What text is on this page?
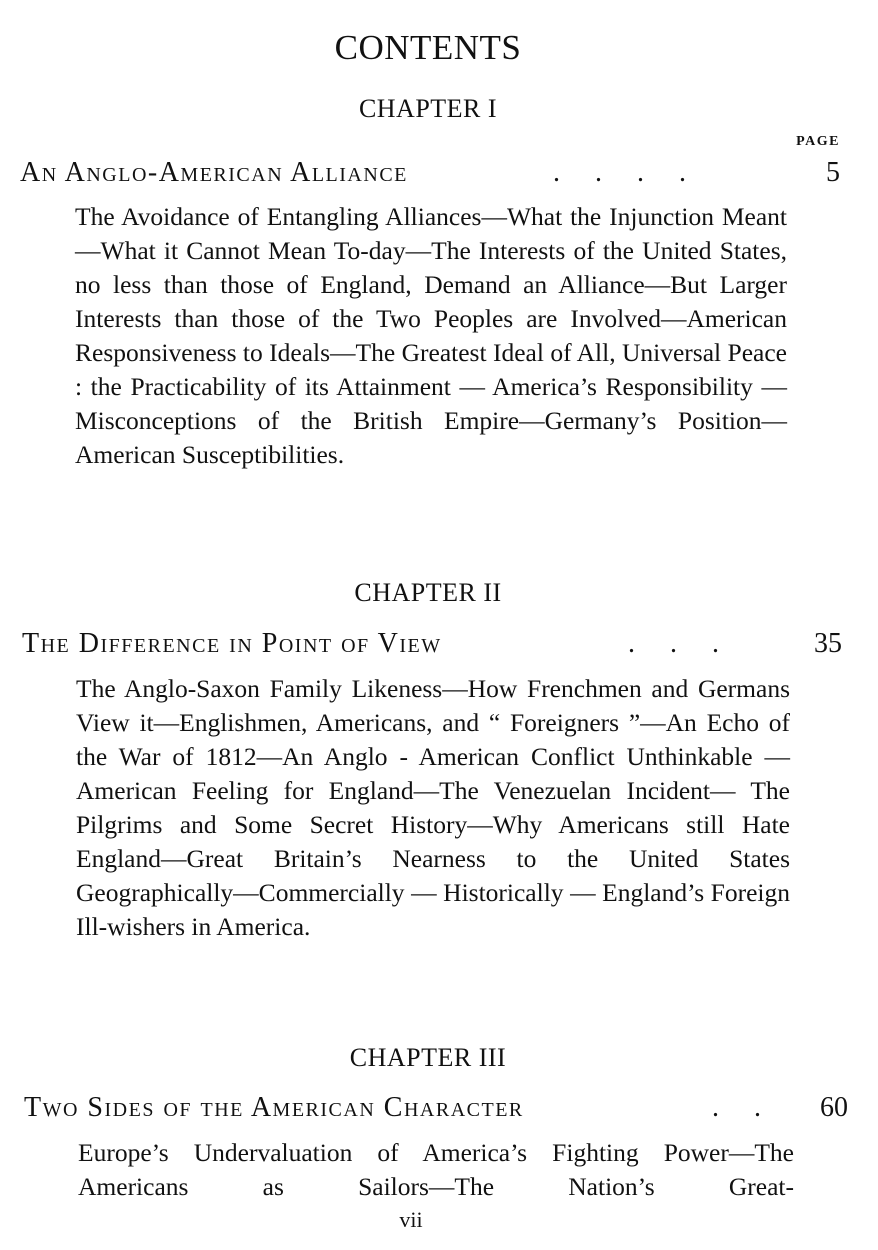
CONTENTS
CHAPTER I
PAGE
An Anglo-American Alliance	.     .     .     .	5
The Avoidance of Entangling Alliances—What the Injunction Meant—What it Cannot Mean To-day—The Interests of the United States, no less than those of England, Demand an Alliance—But Larger Interests than those of the Two Peoples are Involved—American Responsiveness to Ideals—The Greatest Ideal of All, Universal Peace : the Practicability of its Attainment — America’s Responsibility — Misconceptions of the British Empire—Germany’s Position—American Susceptibilities.
CHAPTER II
The Difference in Point of View	.     .     .	35
The Anglo-Saxon Family Likeness—How Frenchmen and Germans View it—Englishmen, Americans, and “ Foreigners ”—An Echo of the War of 1812—An Anglo - American Conflict Unthinkable — American Feeling for England—The Venezuelan Incident— The Pilgrims and Some Secret History—Why Americans still Hate England—Great Britain’s Nearness to the United States Geographically—Commercially — Historically — England’s Foreign Ill-wishers in America.
CHAPTER III
Two Sides of the American Character	.     . 60
Europe’s Undervaluation of America’s Fighting Power—The Americans as Sailors—The Nation’s Great-
vii
